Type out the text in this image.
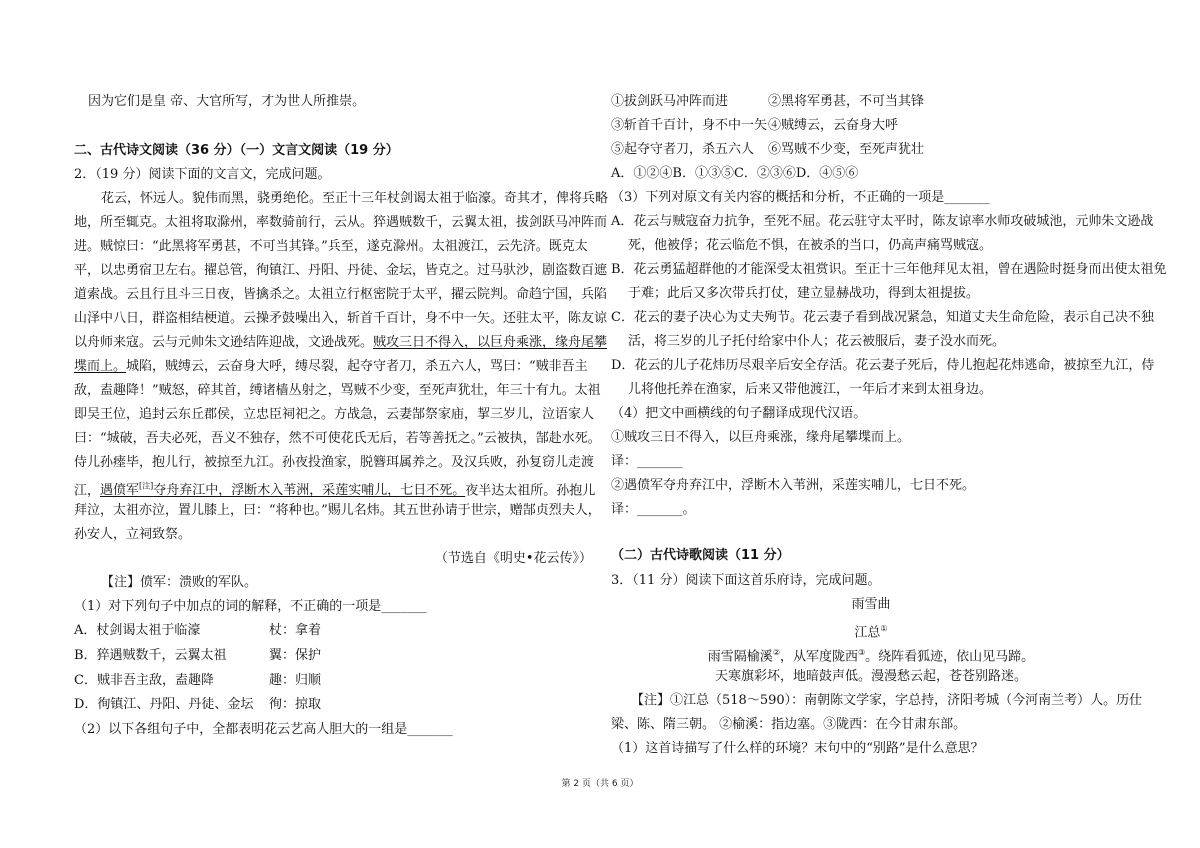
因为它们是皇 帝、大官所写，才为世人所推崇。
二、古代诗文阅读（36 分）（一）文言文阅读（19 分）
2．（19 分）阅读下面的文言文，完成问题。
花云，怀远人。貌伟而黑，骁勇绝伦。至正十三年杖剑谒太祖于临濠。奇其才，俾将兵略
地，所至辄克。太祖将取滁州，率数骑前行，云从。猝遇贼数千，云翼太祖，拔剑跃马冲阵而
进。贼惊曰：“此黑将军勇甚，不可当其锋。”兵至，遂克滁州。太祖渡江，云先济。既克太
平，以忠勇宿卫左右。擢总管，徇镇江、丹阳、丹徒、金坛，皆克之。过马驮沙，剧盗数百遮
道索战。云且行且斗三日夜，皆擒杀之。太祖立行枢密院于太平，擢云院判。命趋宁国，兵陷
山泽中八日，群盗相结梗道。云操矛鼓噪出入，斩首千百计，身不中一矢。还驻太平，陈友谅
以舟师来寇。云与元帅朱文逊结阵迎战，文逊战死。贼攻三日不得入，以巨舟乘涨，缘舟尾攀
堞而上。城陷，贼缚云，云奋身大呼，缚尽裂，起夺守者刀，杀五六人，骂曰：“贼非吾主
敌，盍趣降！”贼怒，碎其首，缚诸樯丛射之，骂贼不少变，至死声犹壮，年三十有九。太祖
即吴王位，追封云东丘郡侯，立忠臣祠祀之。方战急，云妻郜祭家庙，挈三岁儿，泣语家人
曰：“城破，吾夫必死，吾义不独存，然不可使花氏无后，若等善抚之。”云被执，郜赴水死。
侍儿孙瘗毕，抱儿行，被掠至九江。孙夜投渔家，脱簪珥属养之。及汉兵败，孙复窃儿走渡
江，遇偾军[注]夺舟弃江中，浮断木入苇洲，采莲实哺儿，七日不死。夜半达太祖所。孙抱儿
拜泣，太祖亦泣，置儿膝上，曰：“将种也。”赐儿名炜。其五世孙请于世宗，赠郜贞烈夫人，
孙安人，立祠致祭。
（节选自《明史•花云传》）
【注】偾军：溃败的军队。
（1）对下列句子中加点的词的解释，不正确的一项是_______
A．杖剑谒太祖于临濠	杖：拿着
B．猝遇贼数千，云翼太祖	翼：保护
C．贼非吾主敌，盍趣降	趣：归顺
D．徇镇江、丹阳、丹徒、金坛 徇：掠取
（2）以下各组句子中，全都表明花云艺高人胆大的一组是_______
①拔剑跃马冲阵而进	②黑将军勇甚，不可当其锋
③斩首千百计，身不中一矢 ④贼缚云，云奋身大呼
⑤起夺守者刀，杀五六人 ⑥骂贼不少变，至死声犹壮
A．①②④B．①③⑤C．②③⑥D．④⑤⑥
（3）下列对原文有关内容的概括和分析，不正确的一项是_______
A．花云与贼寇奋力抗争，至死不屈。花云驻守太平时，陈友谅率水师攻破城池，元帅朱文逊战
死，他被俘；花云临危不惧，在被杀的当口，仍高声痛骂贼寇。
B．花云勇猛超群他的才能深受太祖赏识。至正十三年他拜见太祖，曾在遇险时挺身而出使太祖免
于难；此后又多次带兵打仗，建立显赫战功，得到太祖提拔。
C．花云的妻子决心为丈夫殉节。花云妻子看到战况紧急，知道丈夫生命危险，表示自己决不独
活，将三岁的儿子托付给家中仆人；花云被服后，妻子没水而死。
D．花云的儿子花炜历尽艰辛后安全存活。花云妻子死后，侍儿抱起花炜逃命，被掠至九江，侍
儿将他托养在渔家，后来又带他渡江，一年后才来到太祖身边。
（4）把文中画横线的句子翻译成现代汉语。
①贼攻三日不得入，以巨舟乘涨，缘舟尾攀堞而上。
译：_______
②遇偾军夺舟弃江中，浮断木入苇洲，采莲实哺儿，七日不死。
译：_______。
（二）古代诗歌阅读（11 分）
3．（11 分）阅读下面这首乐府诗，完成问题。
雨雪曲
江总①
雨雪隔榆溪②，从军度陇西③。绕阵看狐迹，依山见马蹄。
天寒旗彩坏，地暗鼓声低。漫漫愁云起，苍苍别路迷。
【注】①江总（518～590）：南朝陈文学家，字总持，济阳考城（今河南兰考）人。历仕
梁、陈、隋三朝。 ②榆溪：指边塞。③陇西：在今甘肃东部。
（1）这首诗描写了什么样的环境？末句中的“别路”是什么意思？
第 2 页（共 6 页）
